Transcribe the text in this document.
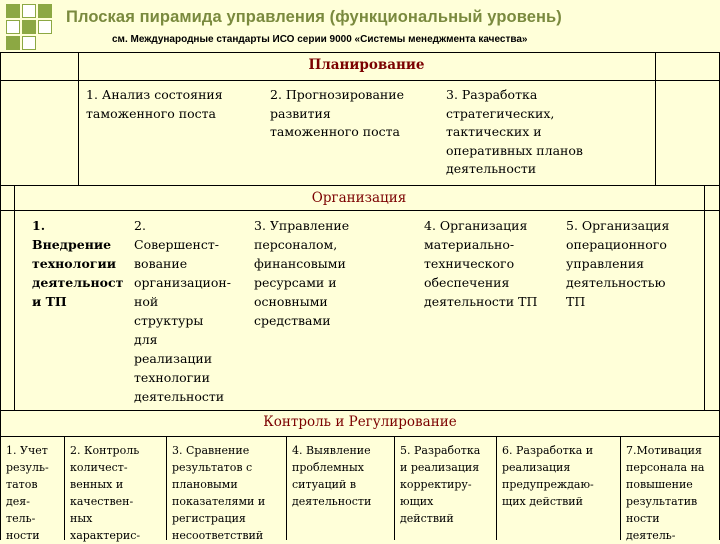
Плоская пирамида управления (функциональный уровень)
см. Международные стандарты ИСО серии 9000 «Системы менеджмента качества»
Планирование
1. Анализ состояния
таможенного поста
2. Прогнозирование
развития
таможенного поста
3. Разработка
стратегических,
тактических и
оперативных планов
деятельности
Организация
1.
Внедрение
технологии
деятельност
и ТП
2.
Совершенст-
вование
организацион-
ной
структуры
для
реализации
технологии
деятельности
3. Управление
персоналом,
финансовыми
ресурсами и
основными
средствами
4. Организация
материально-
технического
обеспечения
деятельности ТП
5. Организация
операционного
управления
деятельностью
ТП
Контроль и Регулирование
1. Учет
резуль-
татов
дея-
тель-
ности
2. Контроль
количест-
венных и
качествен-
ных
характерис-
3. Сравнение
результатов с
плановыми
показателями и
регистрация
несоответствий
4. Выявление
проблемных
ситуаций в
деятельности
5. Разработка
и реализация
корректиру-
ющих
действий
6. Разработка и
реализация
предупреждаю-
щих действий
7.Мотивация
персонала на
повышение
результатив
ности
деятель-
